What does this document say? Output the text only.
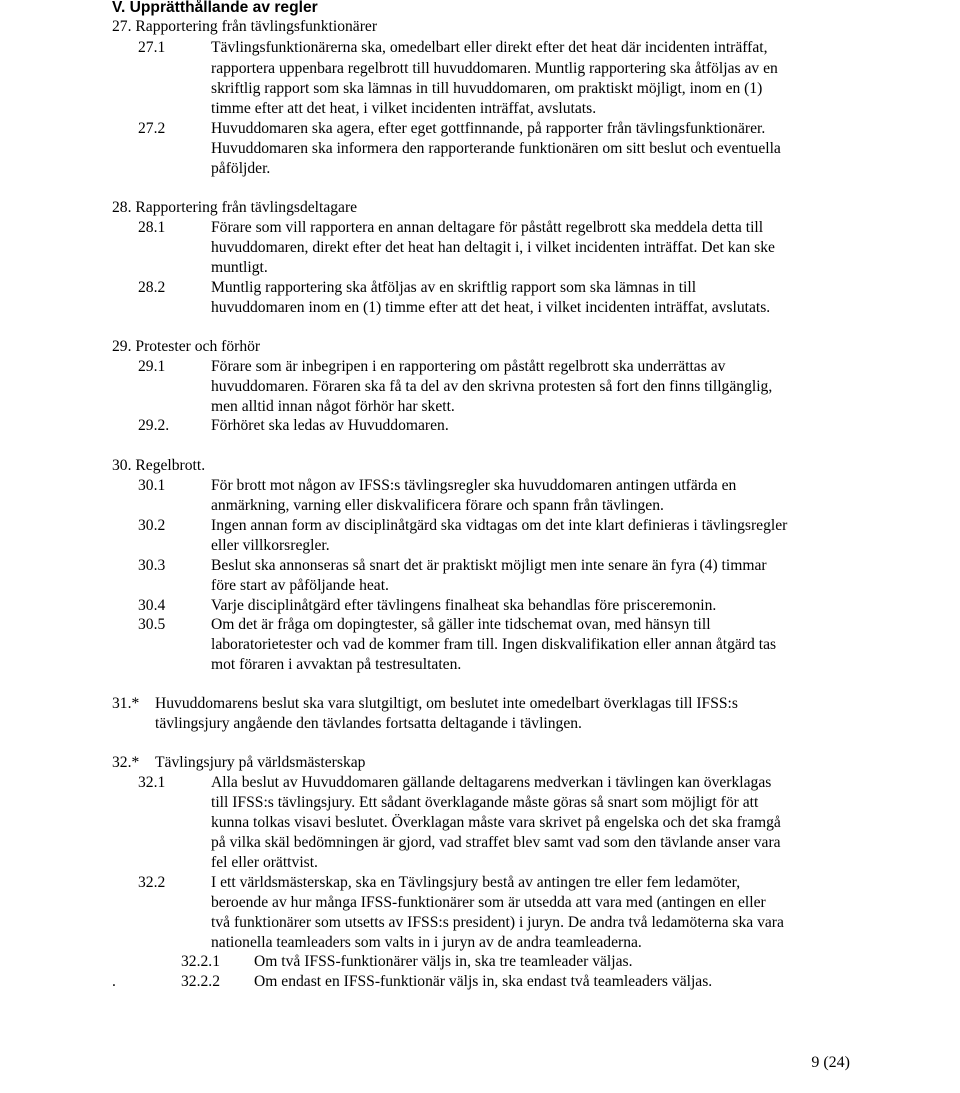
V. Upprätthållande av regler
27. Rapportering från tävlingsfunktionärer
27.1	Tävlingsfunktionärerna ska, omedelbart eller direkt efter det heat där incidenten inträffat,
rapportera uppenbara regelbrott till huvuddomaren. Muntlig rapportering ska åtföljas av en
skriftlig rapport som ska lämnas in till huvuddomaren, om praktiskt möjligt, inom en (1)
timme efter att det heat, i vilket incidenten inträffat, avslutats.
27.2	Huvuddomaren ska agera, efter eget gottfinnande, på rapporter från tävlingsfunktionärer.
Huvuddomaren ska informera den rapporterande funktionären om sitt beslut och eventuella
påföljder.
28. Rapportering från tävlingsdeltagare
28.1	Förare som vill rapportera en annan deltagare för påstått regelbrott ska meddela detta till
huvuddomaren, direkt efter det heat han deltagit i, i vilket incidenten inträffat. Det kan ske
muntligt.
28.2	Muntlig rapportering ska åtföljas av en skriftlig rapport som ska lämnas in till
huvuddomaren inom en (1) timme efter att det heat, i vilket incidenten inträffat, avslutats.
29. Protester och förhör
29.1	Förare som är inbegripen i en rapportering om påstått regelbrott ska underrättas av
huvuddomaren. Föraren ska få ta del av den skrivna protesten så fort den finns tillgänglig,
men alltid innan något förhör har skett.
29.2.	Förhöret ska ledas av Huvuddomaren.
30. Regelbrott.
30.1	För brott mot någon av IFSS:s tävlingsregler ska huvuddomaren antingen utfärda en
anmärkning, varning eller diskvalificera förare och spann från tävlingen.
30.2	Ingen annan form av disciplinåtgärd ska vidtagas om det inte klart definieras i tävlingsregler
eller villkorsregler.
30.3	Beslut ska annonseras så snart det är praktiskt möjligt men inte senare än fyra (4) timmar
före start av påföljande heat.
30.4	Varje disciplinåtgärd efter tävlingens finalheat ska behandlas före prisceremonin.
30.5	Om det är fråga om dopingtester, så gäller inte tidschemat ovan, med hänsyn till
laboratorietester och vad de kommer fram till. Ingen diskvalifikation eller annan åtgärd tas
mot föraren i avvaktan på testresultaten.
31.* Huvuddomarens beslut ska vara slutgiltigt, om beslutet inte omedelbart överklagas till IFSS:s
tävlingsjury angående den tävlandes fortsatta deltagande i tävlingen.
32.* Tävlingsjury på världsmästerskap
32.1	Alla beslut av Huvuddomaren gällande deltagarens medverkan i tävlingen kan överklagas
till IFSS:s tävlingsjury. Ett sådant överklagande måste göras så snart som möjligt för att
kunna tolkas visavi beslutet. Överklagan måste vara skrivet på engelska och det ska framgå
på vilka skäl bedömningen är gjord, vad straffet blev samt vad som den tävlande anser vara
fel eller orättvist.
32.2	I ett världsmästerskap, ska en Tävlingsjury bestå av antingen tre eller fem ledamöter,
beroende av hur många IFSS-funktionärer som är utsedda att vara med (antingen en eller
två funktionärer som utsetts av IFSS:s president) i juryn. De andra två ledamöterna ska vara
nationella teamleaders som valts in i juryn av de andra teamleaderna.
32.2.1 Om två IFSS-funktionärer väljs in, ska tre teamleader väljas.
.	32.2.2 Om endast en IFSS-funktionär väljs in, ska endast två teamleaders väljas.
9 (24)
